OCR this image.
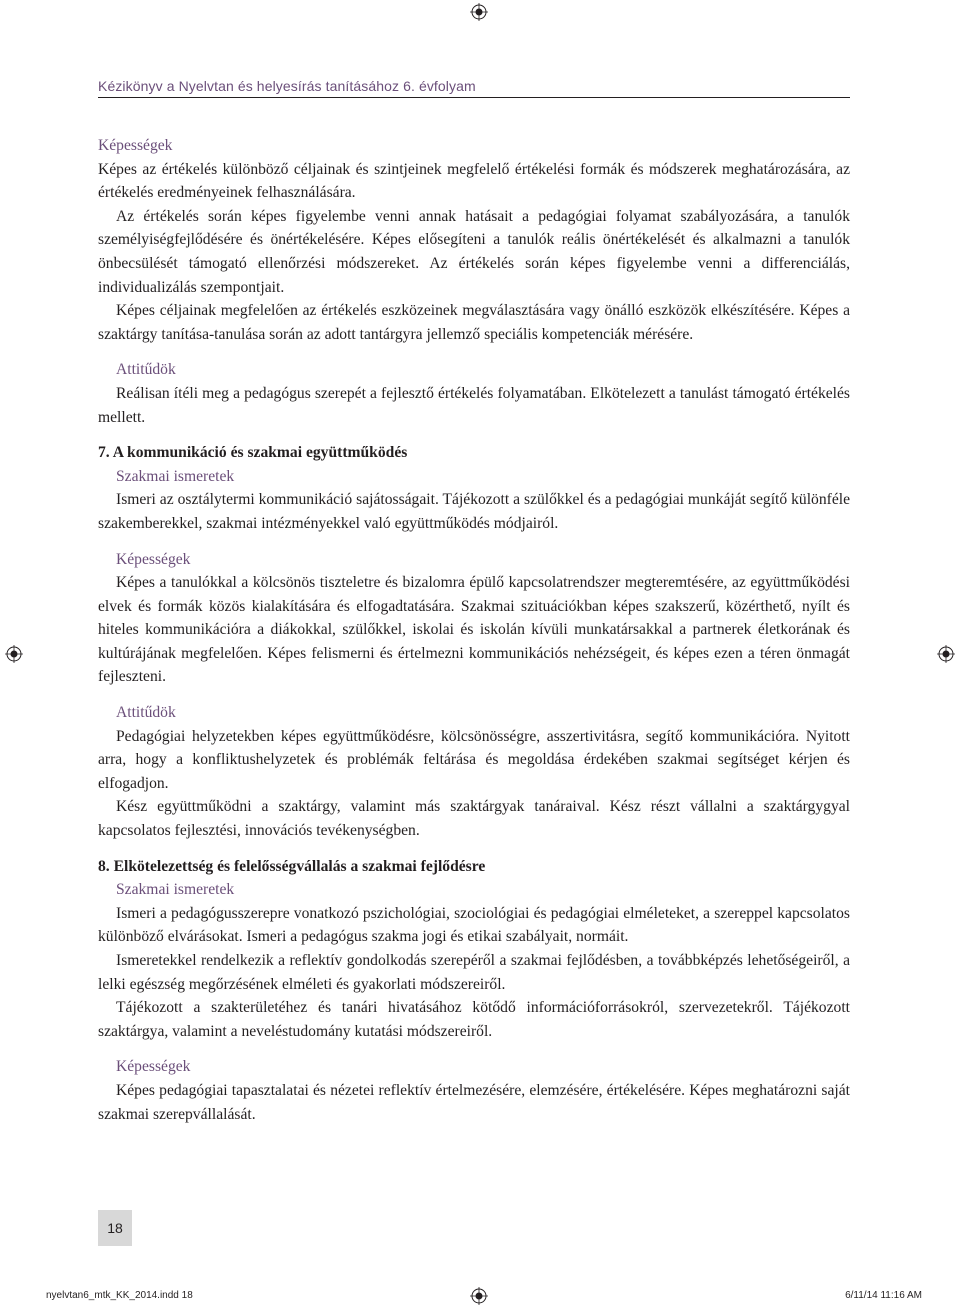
Kézikönyv a Nyelvtan és helyesírás tanításához 6. évfolyam
Képességek

Képes az értékelés különböző céljainak és szintjeinek megfelelő értékelési formák és módszerek meghatározására, az értékelés eredményeinek felhasználására.

Az értékelés során képes figyelembe venni annak hatásait a pedagógiai folyamat szabályozására, a tanulók személyiségfejlődésére és önértékelésére. Képes elősegíteni a tanulók reális önértékelését és alkalmazni a tanulók önbecsülését támogató ellenőrzési módszereket. Az értékelés során képes figyelembe venni a differenciálás, individualizálás szempontjait.

Képes céljainak megfelelően az értékelés eszközeinek megválasztására vagy önálló eszközök elkészítésére. Képes a szaktárgy tanítása-tanulása során az adott tantárgyra jellemző speciális kompetenciák mérésére.

Attitűdök

Reálisan ítéli meg a pedagógus szerepét a fejlesztő értékelés folyamatában. Elkötelezett a tanulást támogató értékelés mellett.

7. A kommunikáció és szakmai együttműködés
Szakmai ismeretek

Ismeri az osztálytermi kommunikáció sajátosságait. Tájékozott a szülőkkel és a pedagógiai munkáját segítő különféle szakemberekkel, szakmai intézményekkel való együttműködés módjairól.

Képességek

Képes a tanulókkal a kölcsönös tiszteletre és bizalomra épülő kapcsolatrendszer megteremtésére, az együttműködési elvek és formák közös kialakítására és elfogadtatására. Szakmai szituációkban képes szakszerű, közérthető, nyílt és hiteles kommunikációra a diákokkal, szülőkkel, iskolai és iskolán kívüli munkatársakkal a partnerek életkorának és kultúrájának megfelelően. Képes felismerni és értelmezni kommunikációs nehézségeit, és képes ezen a téren önmagát fejleszteni.

Attitűdök

Pedagógiai helyzetekben képes együttműködésre, kölcsönösségre, asszertivitásra, segítő kommunikációra. Nyitott arra, hogy a konfliktushelyzetek és problémák feltárása és megoldása érdekében szakmai segítséget kérjen és elfogadjon.

Kész együttműködni a szaktárgy, valamint más szaktárgyak tanáraival. Kész részt vállalni a szaktárgygyal kapcsolatos fejlesztési, innovációs tevékenységben.

8. Elkötelezettség és felelősségvállalás a szakmai fejlődésre
Szakmai ismeretek

Ismeri a pedagógusszerepre vonatkozó pszichológiai, szociológiai és pedagógiai elméleteket, a szereppel kapcsolatos különböző elvárásokat. Ismeri a pedagógus szakma jogi és etikai szabályait, normáit.

Ismeretekkel rendelkezik a reflektív gondolkodás szerepéről a szakmai fejlődésben, a továbbképzés lehetőségeiről, a lelki egészség megőrzésének elméleti és gyakorlati módszereiről.

Tájékozott a szakterületéhez és tanári hivatásához kötődő információforrásokról, szervezetekről. Tájékozott szaktárgya, valamint a neveléstudomány kutatási módszereiről.

Képességek

Képes pedagógiai tapasztalatai és nézetei reflektív értelmezésére, elemzésére, értékelésére. Képes meghatározni saját szakmai szerepvállalását.

18
nyelvtan6_mtk_KK_2014.indd 18	6/11/14 11:16 AM
